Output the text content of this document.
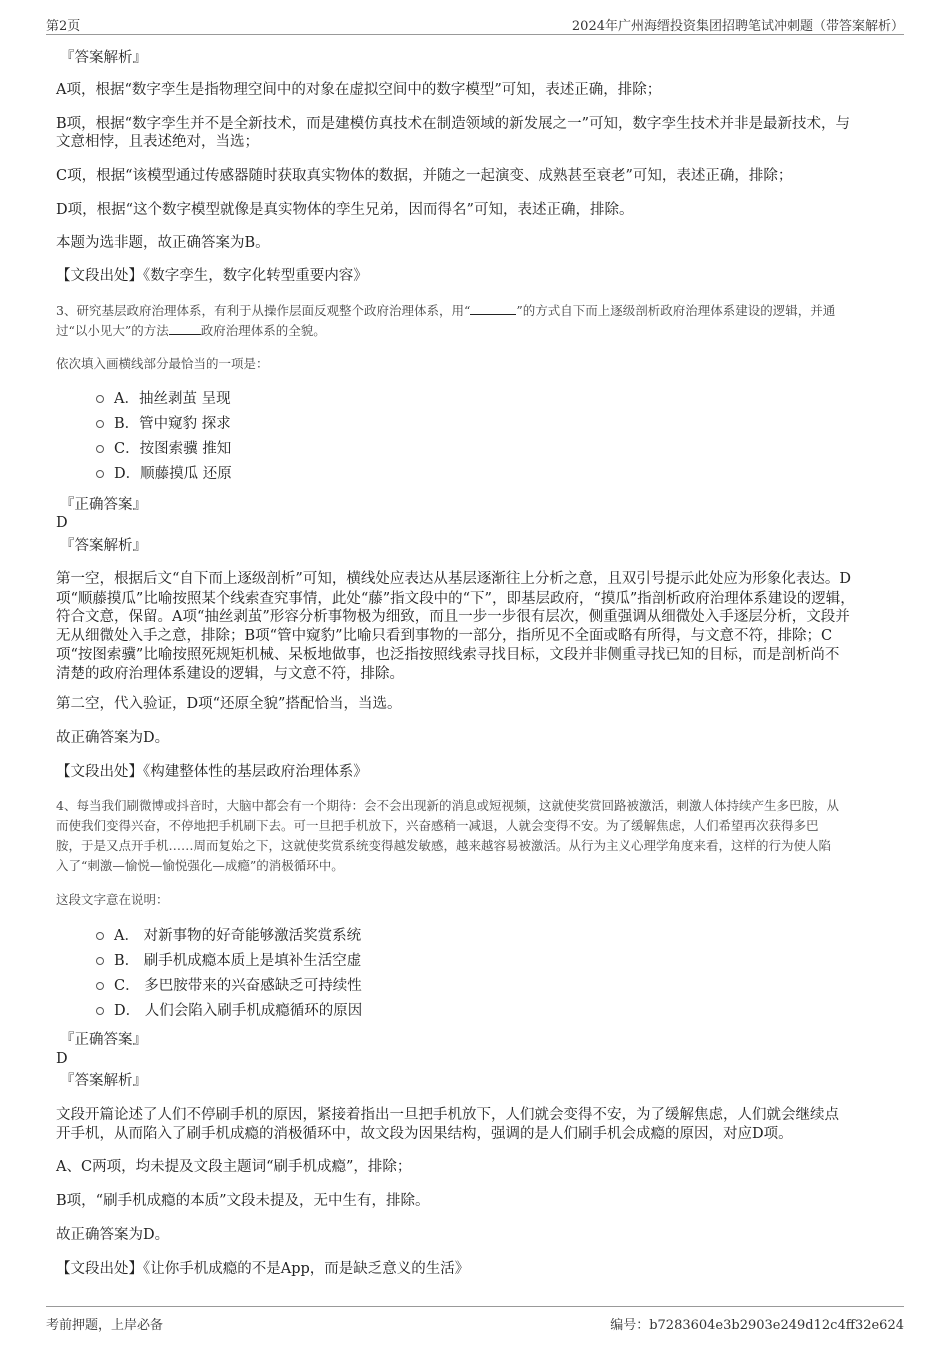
第2页	2024年广州海缙投资集团招聘笔试冲刺题（带答案解析）

『答案解析』

A项，根据“数字孪生是指物理空间中的对象在虚拟空间中的数字模型”可知，表述正确，排除；

B项，根据“数字孪生并不是全新技术，而是建模仿真技术在制造领域的新发展之一”可知，数字孪生技术并非是最新技术，与

文意相悖，且表述绝对，当选；

C项，根据“该模型通过传感器随时获取真实物体的数据，并随之一起演变、成熟甚至衰老”可知，表述正确，排除；

D项，根据“这个数字模型就像是真实物体的孪生兄弟，因而得名”可知，表述正确，排除。

本题为选非题，故正确答案为B。

【文段出处】《数字孪生，数字化转型重要内容》

3、研究基层政府治理体系，有利于从操作层面反观整个政府治理体系，用“	”的方式自下而上逐级剖析政府治理体系建设的逻辑，并通

过“以小见大”的方法	政府治理体系的全貌。

依次填入画横线部分最恰当的一项是：

A．抽丝剥茧 呈现
B．管中窥豹 探求
C．按图索骥 推知
D．顺藤摸瓜 还原

『正确答案』

D

『答案解析』

第一空，根据后文“自下而上逐级剖析”可知，横线处应表达从基层逐渐往上分析之意，且双引号提示此处应为形象化表达。D

项“顺藤摸瓜”比喻按照某个线索查究事情，此处“藤”指文段中的“下”，即基层政府，“摸瓜”指剖析政府治理体系建设的逻辑，

符合文意，保留。A项“抽丝剥茧”形容分析事物极为细致，而且一步一步很有层次，侧重强调从细微处入手逐层分析，文段并

无从细微处入手之意，排除；B项“管中窥豹”比喻只看到事物的一部分，指所见不全面或略有所得，与文意不符，排除；C

项“按图索骥”比喻按照死规矩机械、呆板地做事，也泛指按照线索寻找目标，文段并非侧重寻找已知的目标，而是剖析尚不

清楚的政府治理体系建设的逻辑，与文意不符，排除。

第二空，代入验证，D项“还原全貌”搭配恰当，当选。

故正确答案为D。

【文段出处】《构建整体性的基层政府治理体系》

4、每当我们刷微博或抖音时，大脑中都会有一个期待：会不会出现新的消息或短视频，这就使奖赏回路被激活，刺激人体持续产生多巴胺，从

而使我们变得兴奋，不停地把手机刷下去。可一旦把手机放下，兴奋感稍一减退，人就会变得不安。为了缓解焦虑，人们希望再次获得多巴

胺，于是又点开手机……周而复始之下，这就使奖赏系统变得越发敏感，越来越容易被激活。从行为主义心理学角度来看，这样的行为使人陷

入了“刺激—愉悦—愉悦强化—成瘾”的消极循环中。

这段文字意在说明：

A． 对新事物的好奇能够激活奖赏系统
B． 刷手机成瘾本质上是填补生活空虚
C． 多巴胺带来的兴奋感缺乏可持续性
D． 人们会陷入刷手机成瘾循环的原因

『正确答案』

D

『答案解析』

文段开篇论述了人们不停刷手机的原因，紧接着指出一旦把手机放下，人们就会变得不安，为了缓解焦虑，人们就会继续点

开手机，从而陷入了刷手机成瘾的消极循环中，故文段为因果结构，强调的是人们刷手机会成瘾的原因，对应D项。

A、C两项，均未提及文段主题词“刷手机成瘾”，排除；

B项，“刷手机成瘾的本质”文段未提及，无中生有，排除。

故正确答案为D。

【文段出处】《让你手机成瘾的不是App，而是缺乏意义的生活》

考前押题，上岸必备	编号：b7283604e3b2903e249d12c4ff32e624
